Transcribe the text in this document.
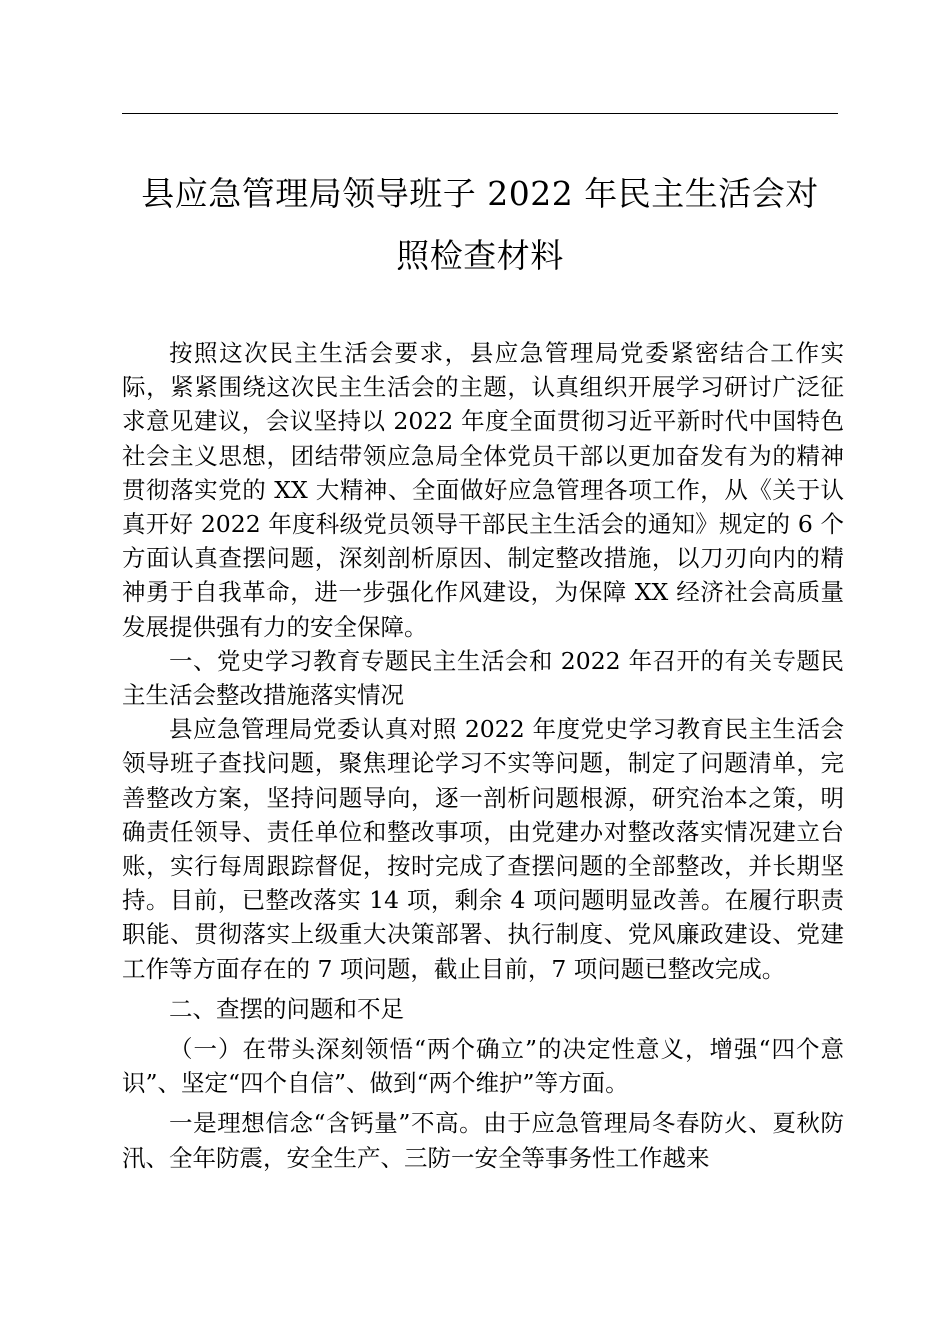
县应急管理局领导班子 2022 年民主生活会对
照检查材料

按照这次民主生活会要求，县应急管理局党委紧密结合工作实际，紧紧围绕这次民主生活会的主题，认真组织开展学习研讨广泛征求意见建议，会议坚持以 2022 年度全面贯彻习近平新时代中国特色社会主义思想，团结带领应急局全体党员干部以更加奋发有为的精神贯彻落实党的 XX 大精神、全面做好应急管理各项工作，从《关于认真开好 2022 年度科级党员领导干部民主生活会的通知》规定的 6 个方面认真查摆问题，深刻剖析原因、制定整改措施，以刀刃向内的精神勇于自我革命，进一步强化作风建设，为保障 XX 经济社会高质量发展提供强有力的安全保障。

一、党史学习教育专题民主生活会和 2022 年召开的有关专题民主生活会整改措施落实情况

县应急管理局党委认真对照 2022 年度党史学习教育民主生活会领导班子查找问题，聚焦理论学习不实等问题，制定了问题清单，完善整改方案，坚持问题导向，逐一剖析问题根源，研究治本之策，明确责任领导、责任单位和整改事项，由党建办对整改落实情况建立台账，实行每周跟踪督促，按时完成了查摆问题的全部整改，并长期坚持。目前，已整改落实 14 项，剩余 4 项问题明显改善。在履行职责职能、贯彻落实上级重大决策部署、执行制度、党风廉政建设、党建工作等方面存在的 7 项问题，截止目前，7 项问题已整改完成。

二、查摆的问题和不足

（一）在带头深刻领悟“两个确立”的决定性意义，增强“四个意识”、坚定“四个自信”、做到“两个维护”等方面。

一是理想信念“含钙量”不高。由于应急管理局冬春防火、夏秋防汛、全年防震，安全生产、三防一安全等事务性工作越来
